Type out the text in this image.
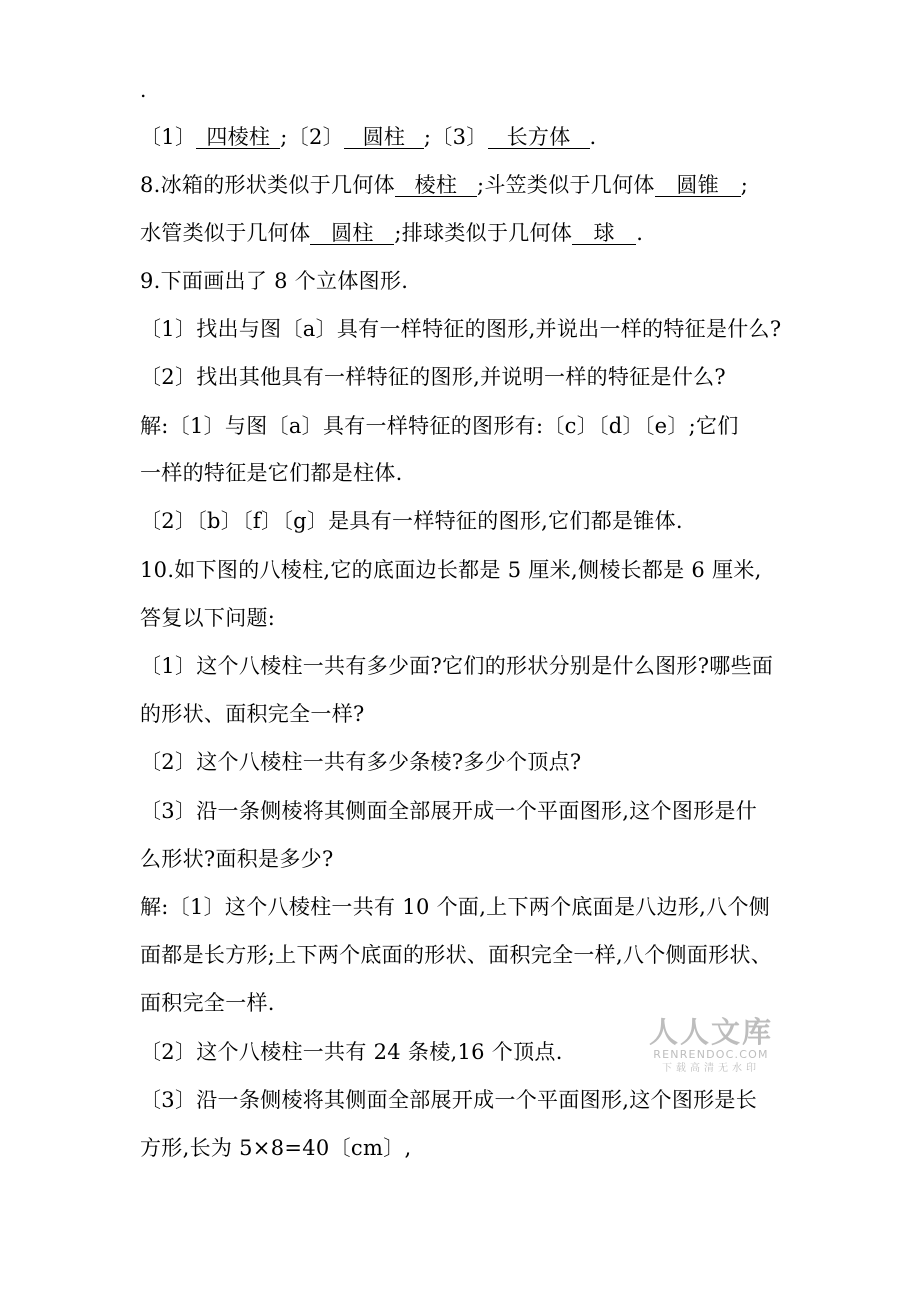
.
〔1〕 四棱柱 ;〔2〕 圆柱 ;〔3〕 长方体 .
8.冰箱的形状类似于几何体 棱柱 ;斗笠类似于几何体 圆锥 ;
水管类似于几何体 圆柱 ;排球类似于几何体 球 .
9.下面画出了 8 个立体图形.
〔1〕找出与图〔a〕具有一样特征的图形,并说出一样的特征是什么?
〔2〕找出其他具有一样特征的图形,并说明一样的特征是什么?
解:〔1〕与图〔a〕具有一样特征的图形有:〔c〕〔d〕〔e〕;它们
一样的特征是它们都是柱体.
〔2〕〔b〕〔f〕〔g〕是具有一样特征的图形,它们都是锥体.
10.如下图的八棱柱,它的底面边长都是 5 厘米,侧棱长都是 6 厘米,
答复以下问题:
〔1〕这个八棱柱一共有多少面?它们的形状分别是什么图形?哪些面
的形状、面积完全一样?
〔2〕这个八棱柱一共有多少条棱?多少个顶点?
〔3〕沿一条侧棱将其侧面全部展开成一个平面图形,这个图形是什
么形状?面积是多少?
解:〔1〕这个八棱柱一共有 10 个面,上下两个底面是八边形,八个侧
面都是长方形;上下两个底面的形状、面积完全一样,八个侧面形状、
面积完全一样.
〔2〕这个八棱柱一共有 24 条棱,16 个顶点.
〔3〕沿一条侧棱将其侧面全部展开成一个平面图形,这个图形是长
方形,长为 5×8=40〔cm〕,
人人文库
RENRENDOC.COM
下载高清无水印
